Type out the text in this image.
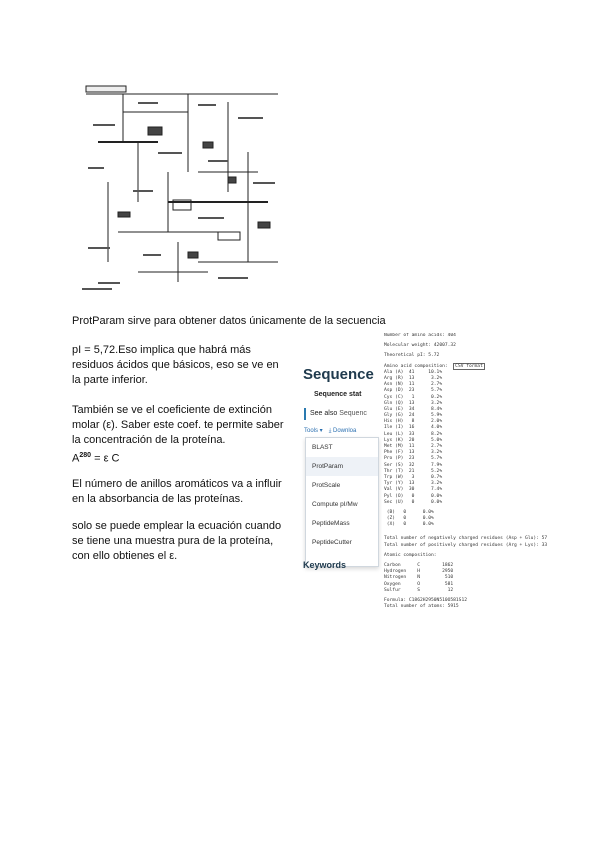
ProtParam sirve para obtener datos únicamente de la secuencia

pI = 5,72.Eso implica que habrá más

residuos ácidos que básicos, eso se ve en

la parte inferior.

También se ve el coeficiente de extinción

molar (ε). Saber este coef. te permite saber

la concentración de la proteína.

$A^{280} = \varepsilon$ C

El número de anillos aromáticos va a influir

en la absorbancia de las proteínas.

solo se puede emplear la ecuación cuando

se tiene una muestra pura de la proteína,

con ello obtienes el ε.

Sequence
Sequence stat
See also Sequenc
Tools ▾ ⤓ Downloa
BLAST
ProtParam
ProtScale
Compute pI/Mw
PeptideMass
PeptideCutter
Keywords
Number of amino acids: 404
Molecular weight: 42007.32
Theoretical pI: 5.72
Amino acid composition: CSV format
Ala (A)  41     10.1%
Arg (R)  13      3.2%
Asn (N)  11      2.7%
Asp (D)  23      5.7%
Cys (C)   1      0.2%
Gln (Q)  13      3.2%
Glu (E)  34      8.4%
Gly (G)  24      5.9%
His (H)   8      2.0%
Ile (I)  16      4.0%
Leu (L)  33      8.2%
Lys (K)  20      5.0%
Met (M)  11      2.7%
Phe (F)  13      3.2%
Pro (P)  23      5.7%
Ser (S)  32      7.9%
Thr (T)  21      5.2%
Trp (W)   3      0.7%
Tyr (Y)  13      3.2%
Val (V)  30      7.4%
Pyl (O)   0      0.0%
Sec (U)   0      0.0%
(B)   0      0.0%
(Z)   0      0.0%
(X)   0      0.0%
Total number of negatively charged residues (Asp + Glu): 57
Total number of positively charged residues (Arg + Lys): 33
Atomic composition:
Carbon      C        1862
Hydrogen    H        2950
Nitrogen    N         510
Oxygen      O         581
Sulfur      S          12
Formula: C1862H2950N510O581S12
Total number of atoms: 5915
